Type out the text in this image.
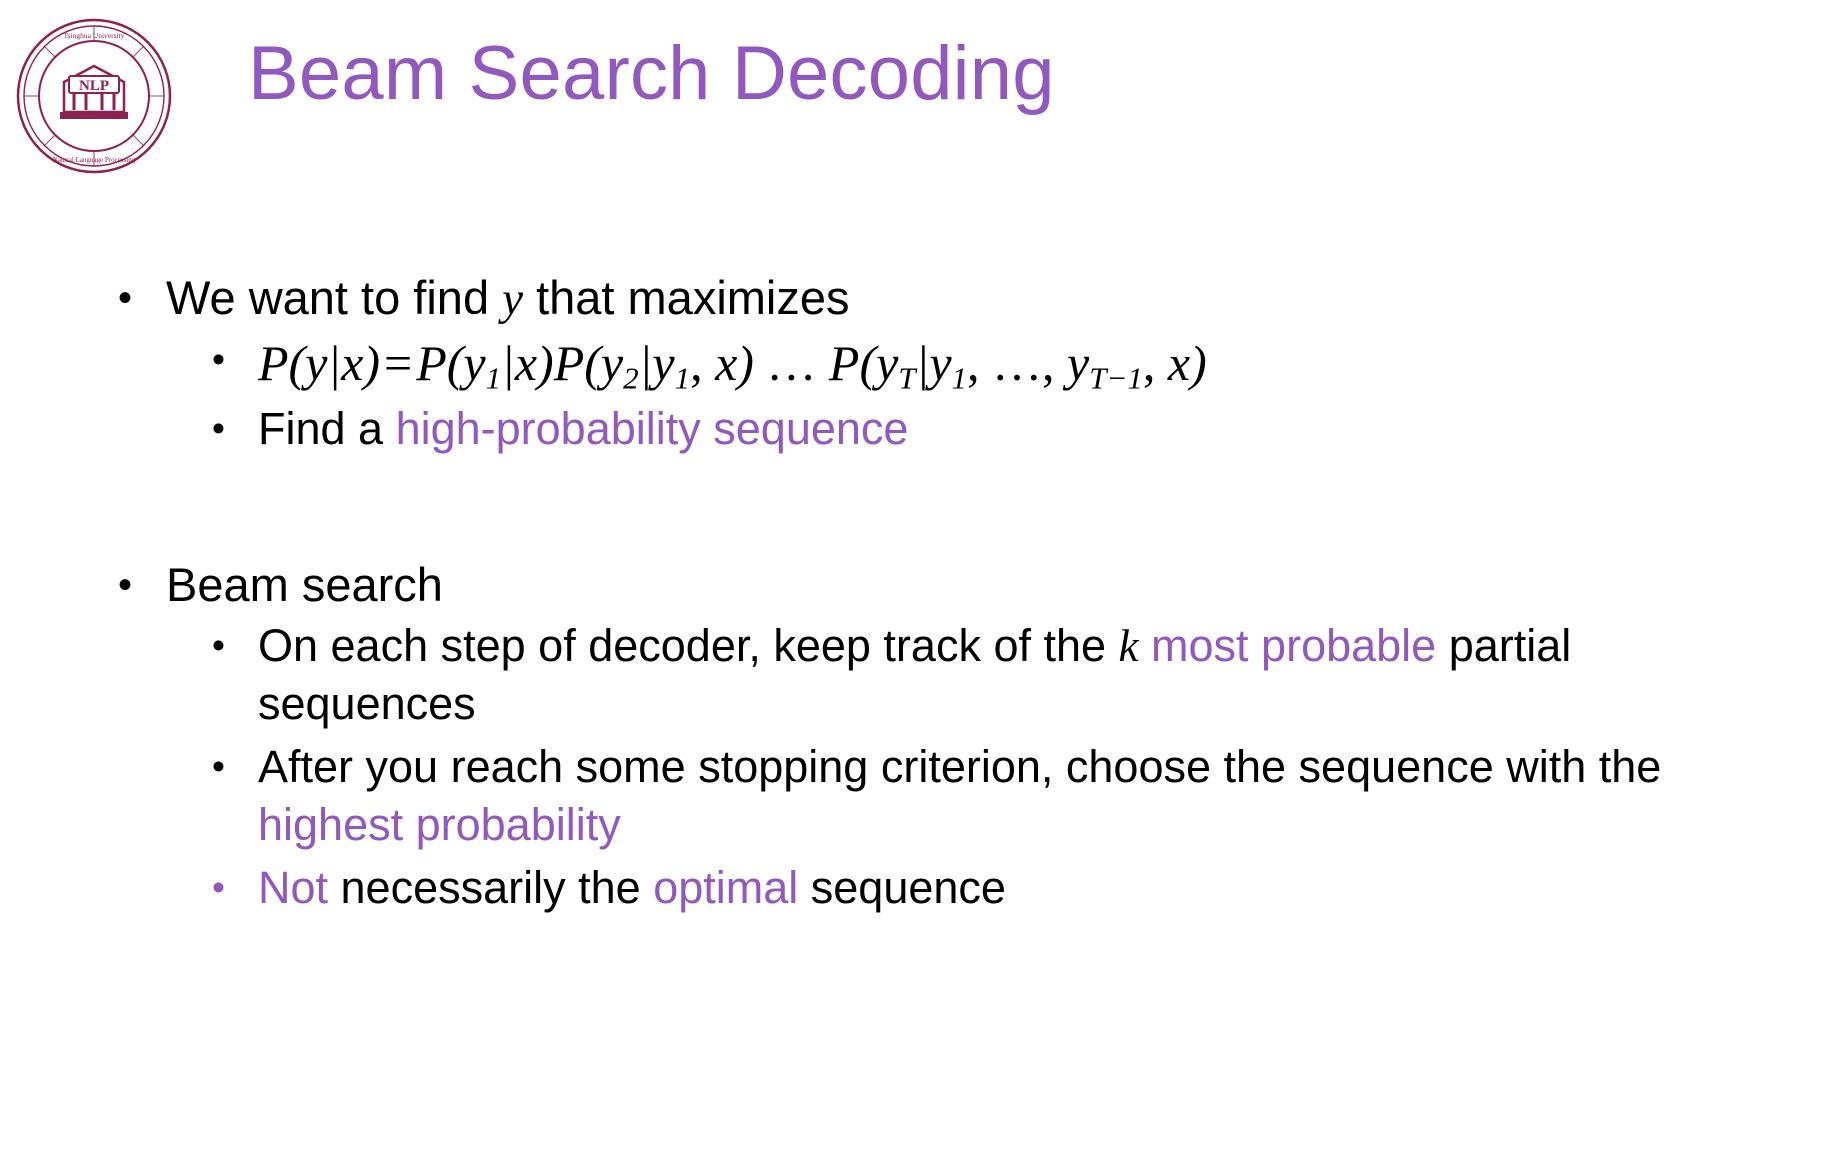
NLP
Tsinghua University
Natural Language Processing
Beam Search Decoding
• We want to find y that maximizes
• $P(y|x)=P(y_1|x)P(y_2|y_1$, x) … $P(y_T|y_1$, …, $y_{T-1}$, x)
• Find a high-probability sequence
• Beam search
• On each step of decoder, keep track of the k most probable partial sequences
• After you reach some stopping criterion, choose the sequence with the highest probability
• Not necessarily the optimal sequence
